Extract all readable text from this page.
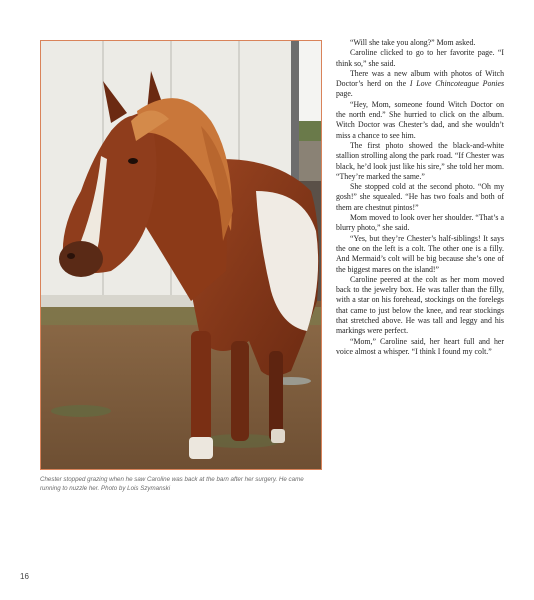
Chester stopped grazing when he saw Caroline was back at the barn after her surgery. He came running to nuzzle her. Photo by Lois Szymanski

“Will she take you along?” Mom asked.

Caroline clicked to go to her favorite page. “I think so,” she said.

There was a new album with photos of Witch Doctor’s herd on the I Love Chincoteague Ponies page.

“Hey, Mom, someone found Witch Doctor on the north end.” She hurried to click on the album. Witch Doctor was Chester’s dad, and she wouldn’t miss a chance to see him.

The first photo showed the black-and-white stallion strolling along the park road. “If Chester was black, he’d look just like his sire,” she told her mom. “They’re marked the same.”

She stopped cold at the second photo. “Oh my gosh!” she squealed. “He has two foals and both of them are chestnut pintos!”

Mom moved to look over her shoulder. “That’s a blurry photo,” she said.

“Yes, but they’re Chester’s half-siblings! It says the one on the left is a colt. The other one is a filly. And Mermaid’s colt will be big because she’s one of the biggest mares on the island!”

Caroline peered at the colt as her mom moved back to the jewelry box. He was taller than the filly, with a star on his forehead, stockings on the forelegs that came to just below the knee, and rear stockings that stretched above. He was tall and leggy and his markings were perfect.

“Mom,” Caroline said, her heart full and her voice almost a whisper. “I think I found my colt.”

16
